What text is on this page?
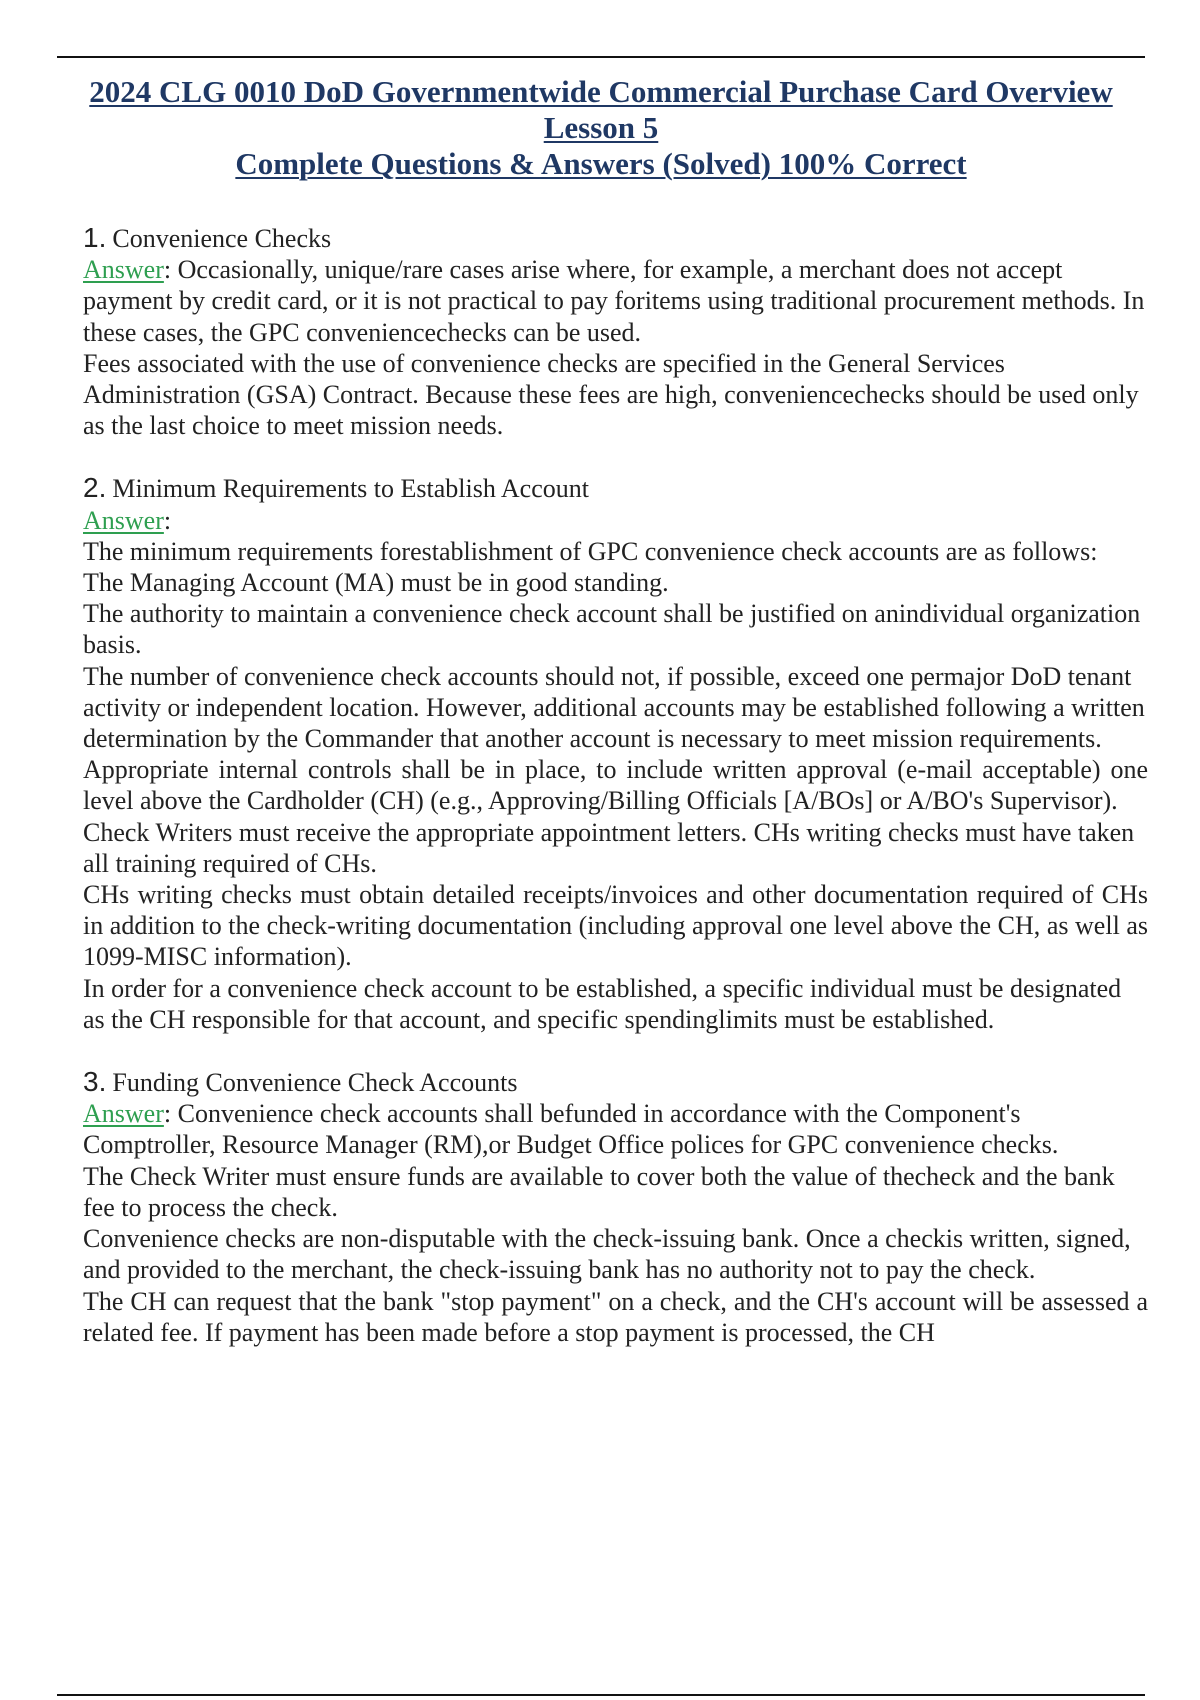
2024 CLG 0010 DoD Governmentwide Commercial Purchase Card Overview
Lesson 5
Complete Questions & Answers (Solved) 100% Correct
1. Convenience Checks

Answer: Occasionally, unique/rare cases arise where, for example, a merchant does not accept payment by credit card, or it is not practical to pay foritems using traditional procurement methods. In these cases, the GPC conveniencechecks can be used.

Fees associated with the use of convenience checks are specified in the General Services Administration (GSA) Contract. Because these fees are high, conveniencechecks should be used only as the last choice to meet mission needs.

2. Minimum Requirements to Establish Account

Answer:

The minimum requirements forestablishment of GPC convenience check accounts are as follows:

The Managing Account (MA) must be in good standing.

The authority to maintain a convenience check account shall be justified on anindividual organization basis.

The number of convenience check accounts should not, if possible, exceed one permajor DoD tenant activity or independent location. However, additional accounts may be established following a written determination by the Commander that another account is necessary to meet mission requirements.

Appropriate internal controls shall be in place, to include written approval (e-mail acceptable) one level above the Cardholder (CH) (e.g., Approving/Billing Officials [A/BOs] or A/BO's Supervisor).

Check Writers must receive the appropriate appointment letters. CHs writing checks must have taken all training required of CHs.

CHs writing checks must obtain detailed receipts/invoices and other documentation required of CHs in addition to the check-writing documentation (including approval one level above the CH, as well as 1099-MISC information).

In order for a convenience check account to be established, a specific individual must be designated as the CH responsible for that account, and specific spendinglimits must be established.

3. Funding Convenience Check Accounts

Answer: Convenience check accounts shall befunded in accordance with the Component's Comptroller, Resource Manager (RM),or Budget Office polices for GPC convenience checks.

The Check Writer must ensure funds are available to cover both the value of thecheck and the bank fee to process the check.

Convenience checks are non-disputable with the check-issuing bank. Once a checkis written, signed, and provided to the merchant, the check-issuing bank has no authority not to pay the check.

The CH can request that the bank "stop payment" on a check, and the CH's account will be assessed a related fee. If payment has been made before a stop payment is processed, the CH
